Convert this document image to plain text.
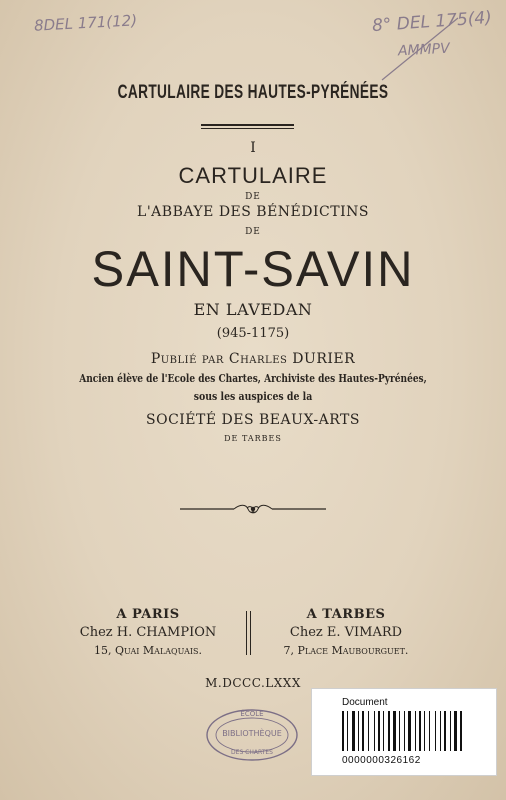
8DEL 171(12)	8° DEL 175(4)
AMMPV
CARTULAIRE DES HAUTES-PYRÉNÉES
I
CARTULAIRE
DE
L'ABBAYE DES BÉNÉDICTINS
DE
SAINT-SAVIN
EN LAVEDAN
(945-1175)
Publié par Charles DURIER
Ancien élève de l'Ecole des Chartes, Archiviste des Hautes-Pyrénées,
sous les auspices de la
SOCIÉTÉ DES BEAUX-ARTS
DE TARBES
A PARIS
Chez H. CHAMPION
15, Quai Malaquais.
A TARBES
Chez E. VIMARD
7, Place Maubourguet.
M.DCCC.LXXX
ÉCOLE
BIBLIOTHÈQUE
DES CHARTES
Document
0000000326162
